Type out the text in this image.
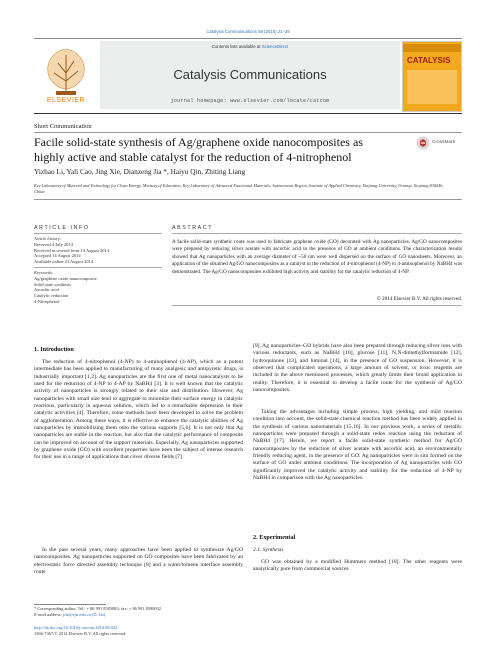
Catalysis Communications 58 (2015) 21–25
ELSEVIER
Contents lists available at ScienceDirect
Catalysis Communications
journal homepage: www.elsevier.com/locate/catcom
CATALYSIS
Short Communication
Facile solid-state synthesis of Ag/graphene oxide nanocomposites as highly active and stable catalyst for the reduction of 4-nitrophenol
CrossMark
Yizhao Li, Yali Cao, Jing Xie, Dianzeng Jia *, Haiyu Qin, Zhiting Liang
Key Laboratory of Material and Technology for Clean Energy, Ministry of Education, Key Laboratory of Advanced Functional Materials, Autonomous Region, Institute of Applied Chemistry, Xinjiang University, Urumqi, Xinjiang 830046, China
ARTICLE INFO
Article history:
Received 4 July 2014
Received in revised form 13 August 2014
Accepted 14 August 2014
Available online 23 August 2014
Keywords:
Ag/graphene oxide nanocomposite
Solid-state synthesis
Ascorbic acid
Catalytic reduction
4-Nitrophenol
ABSTRACT
A facile solid-state synthetic route was used to fabricate graphene oxide (GO) decorated with Ag nanoparticles. Ag/GO nanocomposites were prepared by reducing silver acetate with ascorbic acid in the presence of GO at ambient conditions. The characterization results showed that Ag nanoparticles with an average diameter of ~50 nm were well dispersed on the surface of GO nanosheets. Moreover, an application of the obtained Ag/GO nanocomposites as a catalyst in the reduction of 4-nitrophenol (4-NP) to 4-aminophenol by NaBH4 was demonstrated. The Ag/GO nanocomposites exhibited high activity and stability for the catalytic reduction of 4-NP.
© 2014 Elsevier B.V. All rights reserved.
1. Introduction
The reduction of 4-nitrophenol (4-NP) to 4-aminophenol (4-AP), which as a potent intermediate has been applied to manufacturing of many analgesic and antipyretic drugs, is industrially important [1,2]. Ag nanoparticles are the first one of metal nanocatalysts to be used for the reduction of 4-NP to 4-AP by NaBH4 [3]. It is well known that the catalytic activity of nanoparticles is strongly related to their size and distribution. However, Ag nanoparticles with small size tend to aggregate to minimize their surface energy in catalytic reactions, particularly in aqueous solution, which led to a remarkable depression in their catalytic activities [4]. Therefore, some methods have been developed to solve the problem of agglomeration. Among these ways, it is effective to enhance the catalytic abilities of Ag nanoparticles by immobilizing them onto the various supports [5,6]. It is not only that Ag nanoparticles are stable in the reaction, but also that the catalytic performance of composite can be improved on account of the support materials. Especially, Ag nanoparticles supported by graphene oxide (GO) with excellent properties have been the subject of intense research for their use in a range of applications that cover diverse fields [7].
In the past several years, many approaches have been applied to synthesize Ag/GO nanocomposites. Ag nanoparticles supported on GO composites have been fabricated by an electrostatic force directed assembly technique [8] and a water/toluene interface assembly route
[9]. Ag nanoparticles–GO hybrids have also been prepared through reducing silver ions with various reductants, such as NaBH4 [10], glucose [11], N,N-dimethylformamide [12], hydroquinone [13], and luminal [14], in the presence of GO suspension. However, it is observed that complicated operations, a large amount of solvent, or toxic reagents are included in the above mentioned processes, which greatly limits their broad application in reality. Therefore, it is essential to develop a facile route for the synthesis of Ag/GO nanocomposites.
Taking the advantages including simple process, high yielding, and mild reaction condition into account, the solid-state chemical reaction method has been widely applied in the synthesis of various nanomaterials [15,16]. In our previous work, a series of metallic nanoparticles were prepared through a solid-state redox reaction using the reductant of NaBH4 [17]. Herein, we report a facile solid-state synthetic method for Ag/GO nanocomposites by the reduction of silver acetate with ascorbic acid, an environmentally friendly reducing agent, in the presence of GO. Ag nanoparticles were in situ formed on the surface of GO under ambient conditions. The incorporation of Ag nanoparticles with GO significantly improved the catalytic activity and stability for the reduction of 4-NP by NaBH4 in comparison with the Ag nanoparticles.
2. Experimental
2.1. Synthesis
GO was obtained by a modified Hummers method [18]. The other reagents were analytically pure from commercial sources
* Corresponding author. Tel.: + 86 991 8583083; fax: + 86 991 8580032.
E-mail address: jdz@xju.edu.cn (D. Jia).
http://dx.doi.org/10.1016/j.catcom.2014.08.022
1566-7367/© 2014 Elsevier B.V. All rights reserved.
